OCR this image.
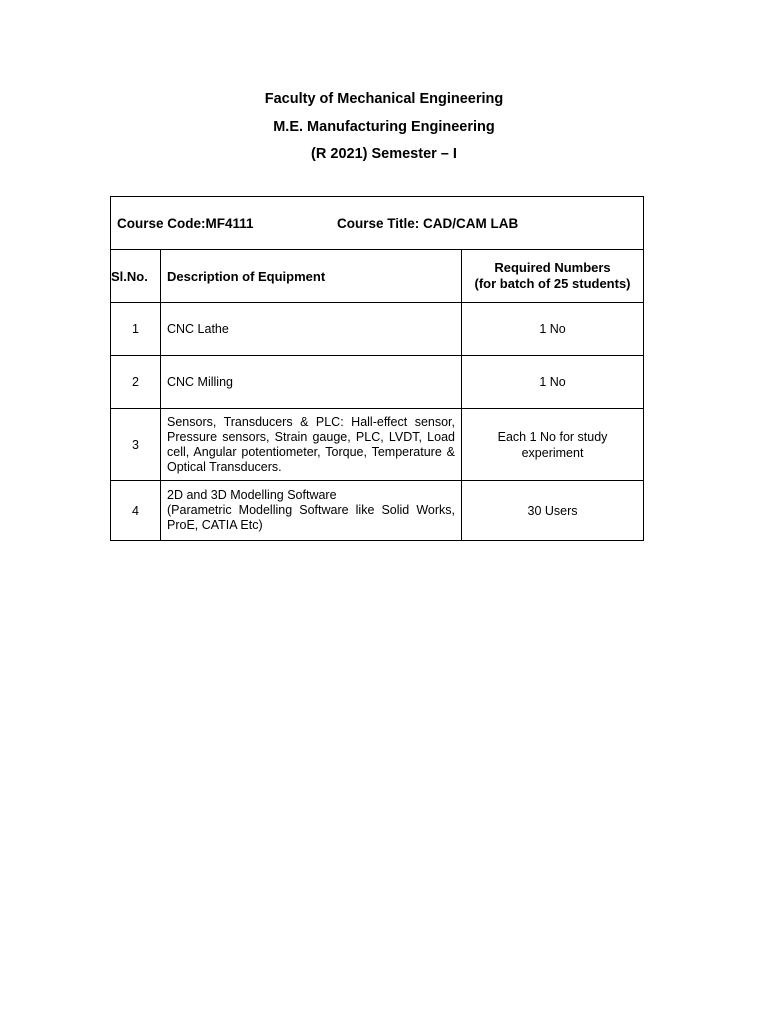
Faculty of Mechanical Engineering
M.E. Manufacturing Engineering
(R 2021) Semester – I
Course Code:MF4111 Course Title: CAD/CAM LAB		
Sl.No.	Description of Equipment	Required Numbers
(for batch of 25 students)

1	CNC Lathe	1 No
2	CNC Milling	1 No
3	Sensors, Transducers & PLC: Hall-effect sensor, Pressure sensors, Strain gauge, PLC, LVDT, Load cell, Angular potentiometer, Torque, Temperature & Optical Transducers.	Each 1 No for study
experiment

4	2D and 3D Modelling Software
(Parametric Modelling Software like Solid Works, ProE, CATIA Etc)	30 Users
